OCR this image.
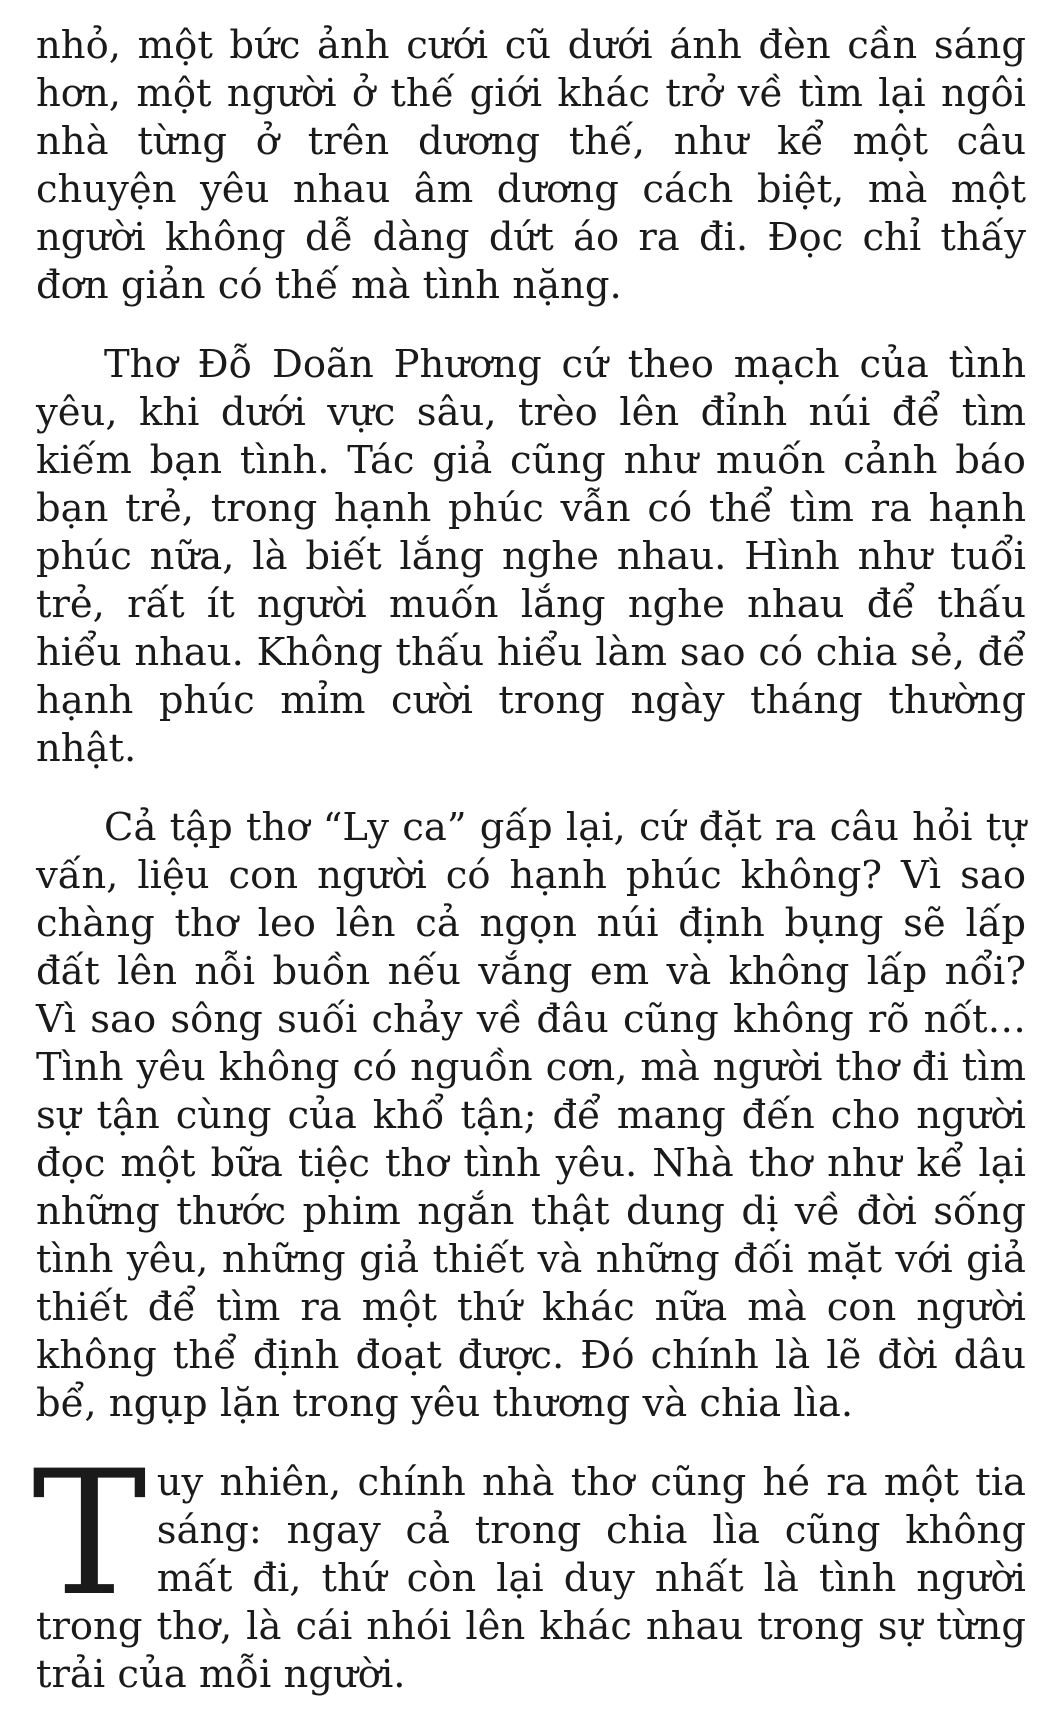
nhỏ, một bức ảnh cưới cũ dưới ánh đèn cần sáng hơn, một người ở thế giới khác trở về tìm lại ngôi nhà từng ở trên dương thế, như kể một câu chuyện yêu nhau âm dương cách biệt, mà một người không dễ dàng dứt áo ra đi. Đọc chỉ thấy đơn giản có thế mà tình nặng.

Thơ Đỗ Doãn Phương cứ theo mạch của tình yêu, khi dưới vực sâu, trèo lên đỉnh núi để tìm kiếm bạn tình. Tác giả cũng như muốn cảnh báo bạn trẻ, trong hạnh phúc vẫn có thể tìm ra hạnh phúc nữa, là biết lắng nghe nhau. Hình như tuổi trẻ, rất ít người muốn lắng nghe nhau để thấu hiểu nhau. Không thấu hiểu làm sao có chia sẻ, để hạnh phúc mỉm cười trong ngày tháng thường nhật.

Cả tập thơ “Ly ca” gấp lại, cứ đặt ra câu hỏi tự vấn, liệu con người có hạnh phúc không? Vì sao chàng thơ leo lên cả ngọn núi định bụng sẽ lấp đất lên nỗi buồn nếu vắng em và không lấp nổi? Vì sao sông suối chảy về đâu cũng không rõ nốt… Tình yêu không có nguồn cơn, mà người thơ đi tìm sự tận cùng của khổ tận; để mang đến cho người đọc một bữa tiệc thơ tình yêu. Nhà thơ như kể lại những thước phim ngắn thật dung dị về đời sống tình yêu, những giả thiết và những đối mặt với giả thiết để tìm ra một thứ khác nữa mà con người không thể định đoạt được. Đó chính là lẽ đời dâu bể, ngụp lặn trong yêu thương và chia lìa.

Tuy nhiên, chính nhà thơ cũng hé ra một tia sáng: ngay cả trong chia lìa cũng không mất đi, thứ còn lại duy nhất là tình người trong thơ, là cái nhói lên khác nhau trong sự từng trải của mỗi người.
